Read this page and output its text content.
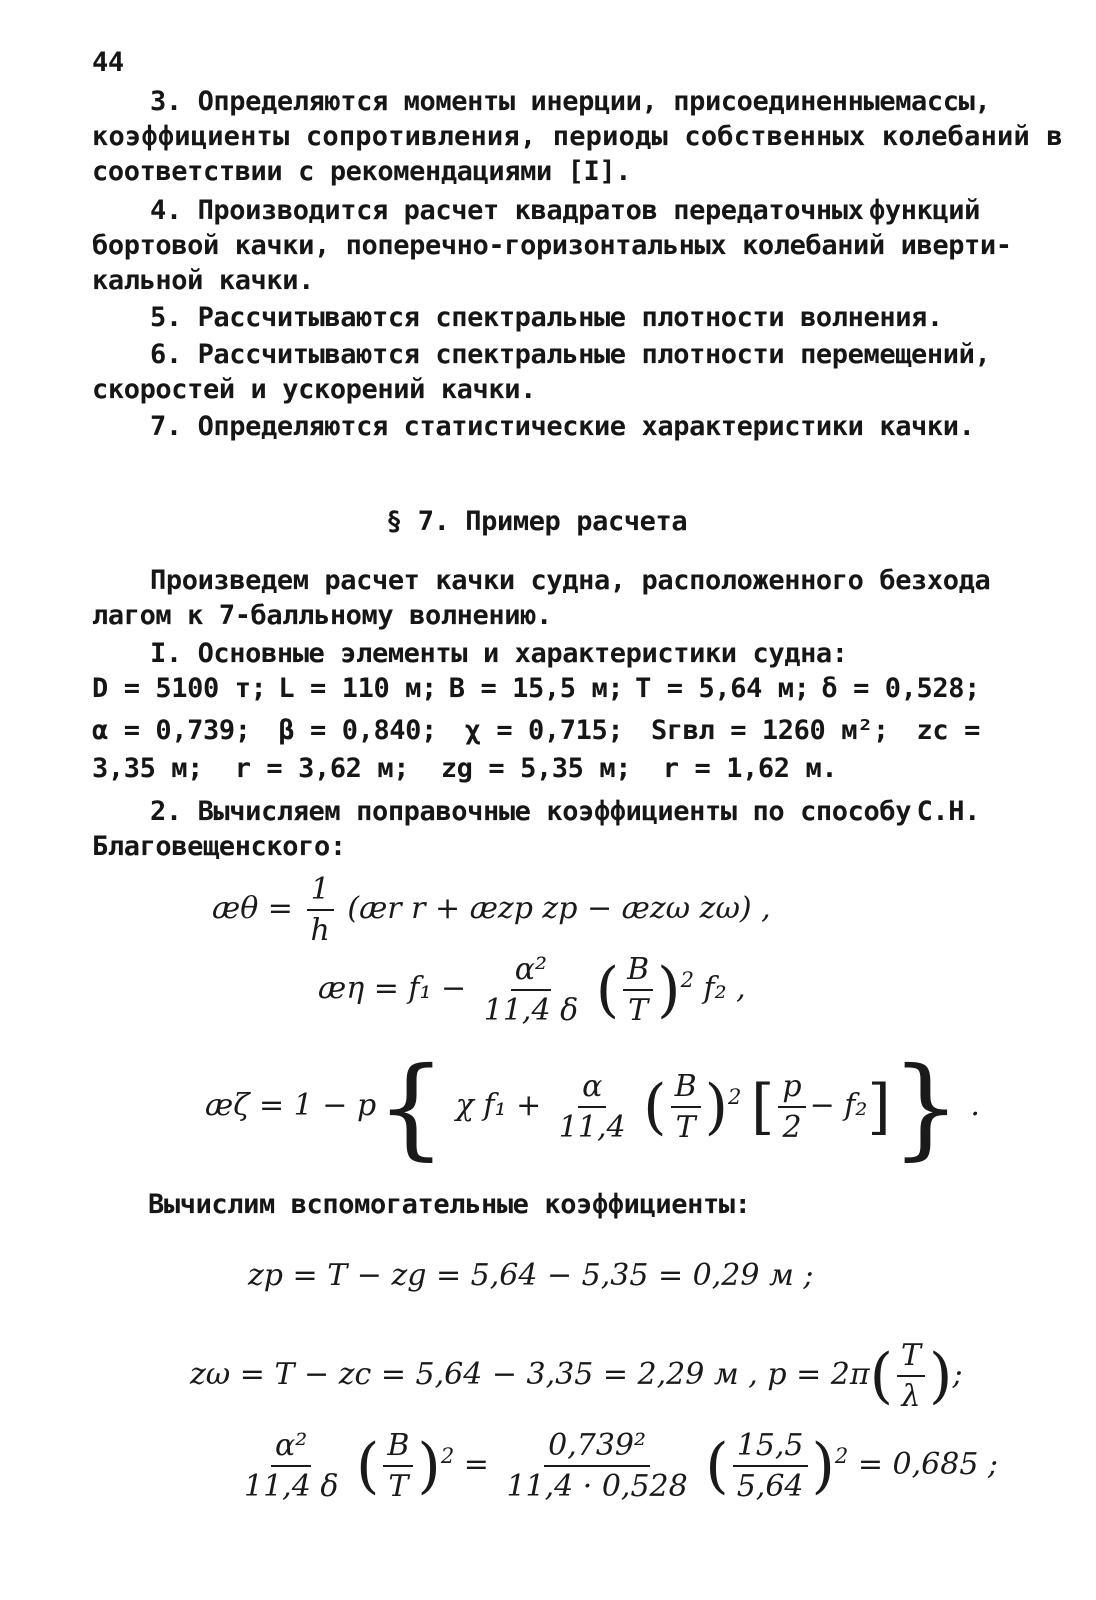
44
3. Определяются моменты инерции, присоединенные массы,
коэффициенты сопротивления, периоды собственных колебаний в
соответствии с рекомендациями [I].
4. Производится расчет квадратов передаточных функций
бортовой качки, поперечно-горизонтальных колебаний и верти-
кальной качки.
5. Рассчитываются спектральные плотности волнения.
6. Рассчитываются спектральные плотности перемещений,
скоростей и ускорений качки.
7. Определяются статистические характеристики качки.
§ 7. Пример расчета
Произведем расчет качки судна, расположенного без хода
лагом к 7-балльному волнению.
I. Основные элементы и характеристики судна:
D = 5100 т; L = 110 м; B = 15,5 м; T = 5,64 м; δ = 0,528;
α = 0,739; β = 0,840; χ = 0,715; Sгвл = 1260 м²; zc =
3,35 м;  r = 3,62 м;  zg = 5,35 м;  r = 1,62 м.
2. Вычисляем поправочные коэффициенты по способу С.Н.
Благовещенского:
æθ = $\frac{1}{h}$ (ær r + æzp zp − æzω zω) ,
æη = $f_1 - \frac{\text{α²}}{11,4 \delta}$ ( $\frac{B}{T} )^2$ f₂ ,
æζ = 1 − p{ χ $f_1 + \frac{\alpha}{11,4}$ ( $\frac{B}{T} )^2$ [ $\frac{p}{2} - f_2$]} .
Вычислим вспомогательные коэффициенты:
zp = T − zg = 5,64 − 5,35 = 0,29 м ;
zω = T − zc = 5,64 − 3,35 = 2,29 м , $p = 2\pi( \frac{T}{\lambda}$ );
$\frac{\text{α²}}{11,4 \delta}$ ( $\frac{B}{T} )^2 = \frac{\text{0,739²}}{11,4 \cdot 0,528}$ ( $\frac{15,5}{5,64} )^2 = 0,685$ ;
